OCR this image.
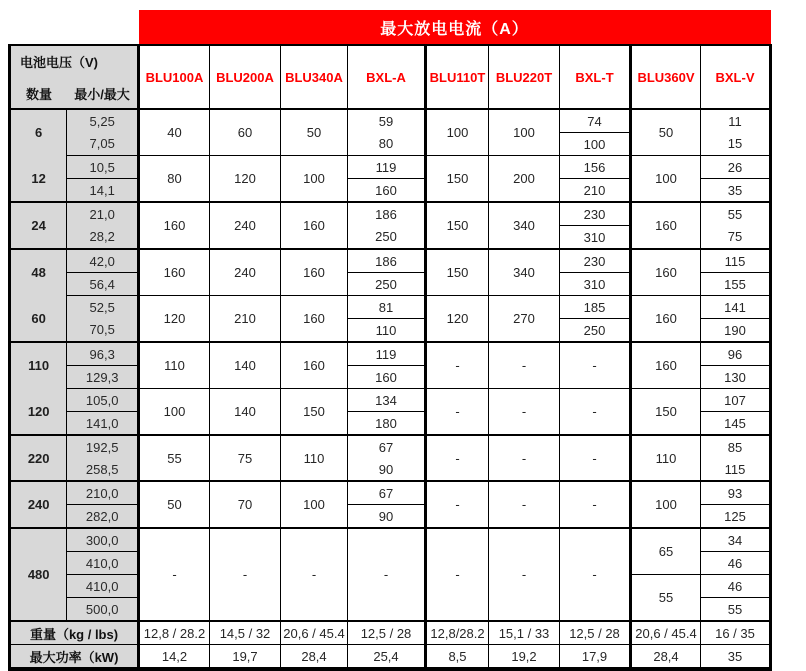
		最大放电电流（A）								

电池电压（V)
数量 最小/最大		BLU100A	BLU200A	BLU340A	BXL-A	BLU110T	BLU220T	BXL-T	BLU360V	BXL-V
6	5,25	40	60	50	59	100	100	74	50	11
	7,05				80			100		15
12	10,5	80	120	100	119	150	200	156	100	26
	14,1				160			210		35
24	21,0	160	240	160	186	150	340	230	160	55
	28,2				250			310		75
48	42,0	160	240	160	186	150	340	230	160	115
	56,4				250			310		155
60	52,5	120	210	160	81	120	270	185	160	141
	70,5				110			250		190
110	96,3	110	140	160	119	-	-	-	160	96
	129,3				160					130
120	105,0	100	140	150	134	-	-	-	150	107
	141,0				180					145
220	192,5	55	75	110	67	-	-	-	110	85
	258,5				90					115
240	210,0	50	70	100	67	-	-	-	100	93
	282,0				90					125
480	300,0	-	-	-	-	-	-	-	65	34
	410,0									46
	410,0								55	46
	500,0									55
重量（kg / lbs)		12,8 / 28.2	14,5 / 32	20,6 / 45.4	12,5 / 28	12,8/28.2	15,1 / 33	12,5 / 28	20,6 / 45.4	16 / 35
最大功率（kW)		14,2	19,7	28,4	25,4	8,5	19,2	17,9	28,4	35
